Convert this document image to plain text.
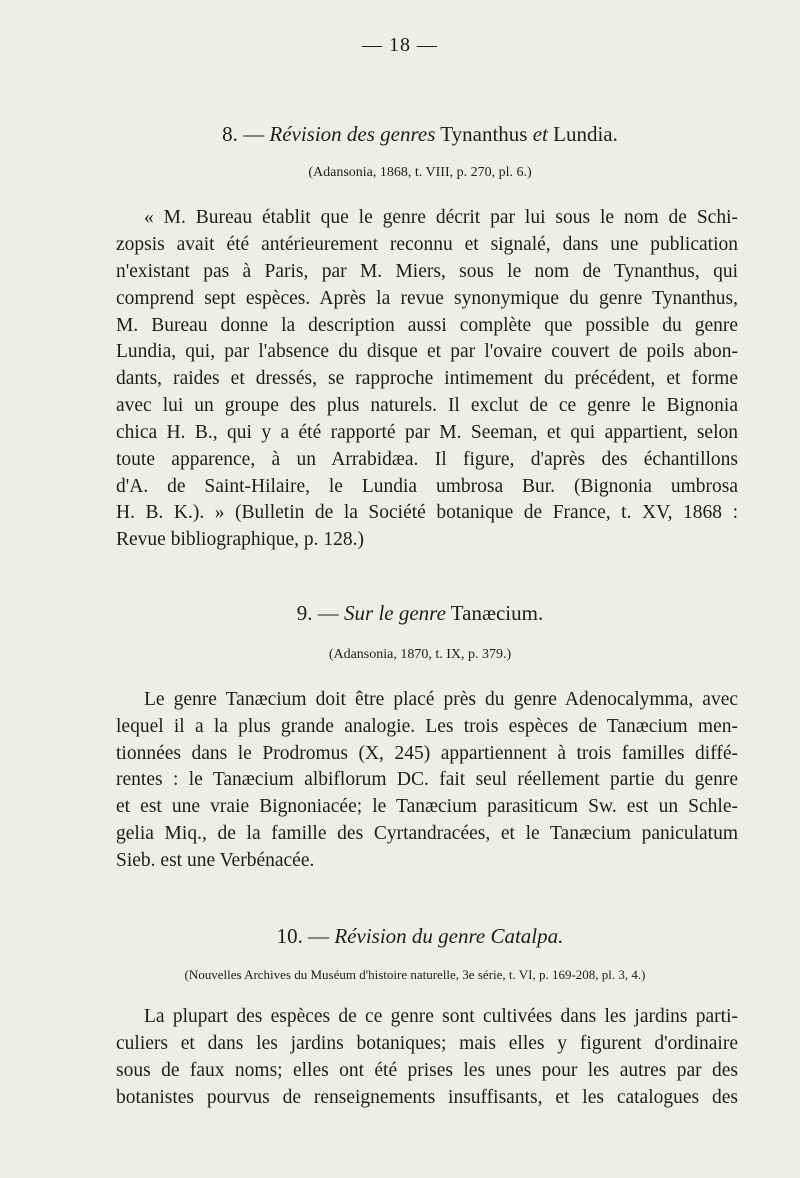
— 18 —
8. — Révision des genres Tynanthus et Lundia.
(Adansonia, 1868, t. VIII, p. 270, pl. 6.)
« M. Bureau établit que le genre décrit par lui sous le nom de Schi-
zopsis avait été antérieurement reconnu et signalé, dans une publication
n'existant pas à Paris, par M. Miers, sous le nom de Tynanthus, qui
comprend sept espèces. Après la revue synonymique du genre Tynanthus,
M. Bureau donne la description aussi complète que possible du genre
Lundia, qui, par l'absence du disque et par l'ovaire couvert de poils abon-
dants, raides et dressés, se rapproche intimement du précédent, et forme
avec lui un groupe des plus naturels. Il exclut de ce genre le Bignonia
chica H. B., qui y a été rapporté par M. Seeman, et qui appartient, selon
toute apparence, à un Arrabidæa. Il figure, d'après des échantillons
d'A. de Saint-Hilaire, le Lundia umbrosa Bur. (Bignonia umbrosa
H. B. K.). » (Bulletin de la Société botanique de France, t. XV, 1868 :
Revue bibliographique, p. 128.)
9. — Sur le genre Tanæcium.
(Adansonia, 1870, t. IX, p. 379.)
Le genre Tanæcium doit être placé près du genre Adenocalymma, avec
lequel il a la plus grande analogie. Les trois espèces de Tanæcium men-
tionnées dans le Prodromus (X, 245) appartiennent à trois familles diffé-
rentes : le Tanæcium albiflorum DC. fait seul réellement partie du genre
et est une vraie Bignoniacée; le Tanæcium parasiticum Sw. est un Schle-
gelia Miq., de la famille des Cyrtandracées, et le Tanæcium paniculatum
Sieb. est une Verbénacée.
10. — Révision du genre Catalpa.
(Nouvelles Archives du Muséum d'histoire naturelle, 3e série, t. VI, p. 169-208, pl. 3, 4.)
La plupart des espèces de ce genre sont cultivées dans les jardins parti-
culiers et dans les jardins botaniques; mais elles y figurent d'ordinaire
sous de faux noms; elles ont été prises les unes pour les autres par des
botanistes pourvus de renseignements insuffisants, et les catalogues des
